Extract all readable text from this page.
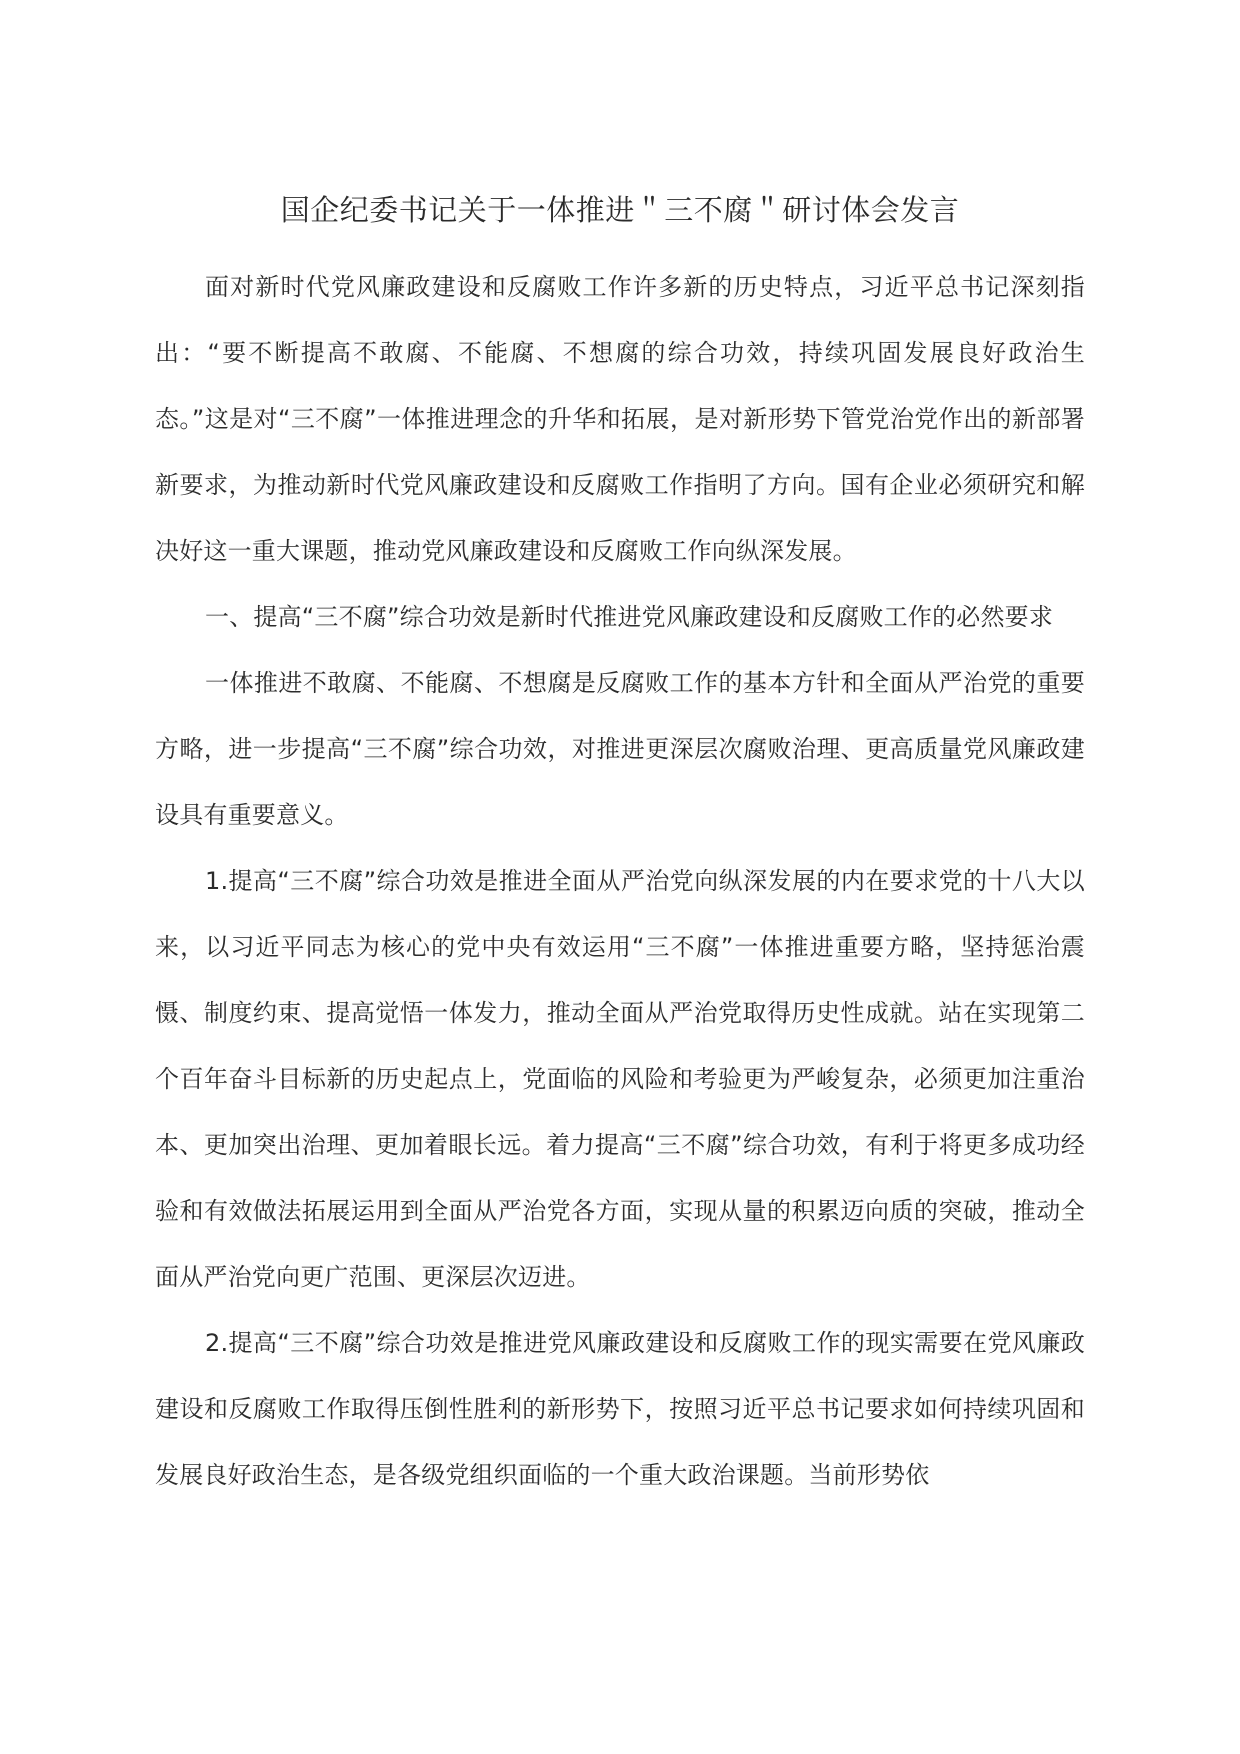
国企纪委书记关于一体推进＂三不腐＂研讨体会发言

面对新时代党风廉政建设和反腐败工作许多新的历史特点，习近平总书记深刻指出：“要不断提高不敢腐、不能腐、不想腐的综合功效，持续巩固发展良好政治生态。”这是对“三不腐”一体推进理念的升华和拓展，是对新形势下管党治党作出的新部署新要求，为推动新时代党风廉政建设和反腐败工作指明了方向。国有企业必须研究和解决好这一重大课题，推动党风廉政建设和反腐败工作向纵深发展。

一、提高“三不腐”综合功效是新时代推进党风廉政建设和反腐败工作的必然要求

一体推进不敢腐、不能腐、不想腐是反腐败工作的基本方针和全面从严治党的重要方略，进一步提高“三不腐”综合功效，对推进更深层次腐败治理、更高质量党风廉政建设具有重要意义。

1.提高“三不腐”综合功效是推进全面从严治党向纵深发展的内在要求党的十八大以来，以习近平同志为核心的党中央有效运用“三不腐”一体推进重要方略，坚持惩治震慑、制度约束、提高觉悟一体发力，推动全面从严治党取得历史性成就。站在实现第二个百年奋斗目标新的历史起点上，党面临的风险和考验更为严峻复杂，必须更加注重治本、更加突出治理、更加着眼长远。着力提高“三不腐”综合功效，有利于将更多成功经验和有效做法拓展运用到全面从严治党各方面，实现从量的积累迈向质的突破，推动全面从严治党向更广范围、更深层次迈进。

2.提高“三不腐”综合功效是推进党风廉政建设和反腐败工作的现实需要在党风廉政建设和反腐败工作取得压倒性胜利的新形势下，按照习近平总书记要求如何持续巩固和发展良好政治生态，是各级党组织面临的一个重大政治课题。当前形势依
